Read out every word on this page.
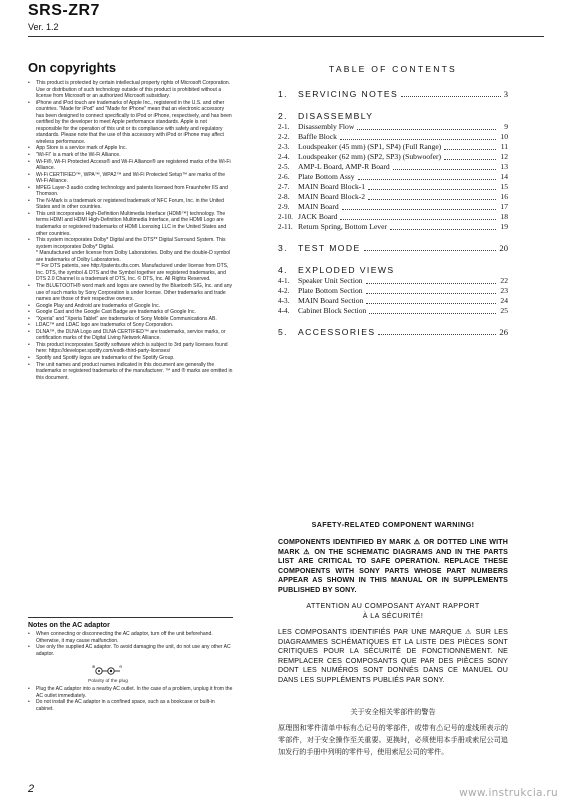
SRS-ZR7
Ver. 1.2
On copyrights
• This product is protected by certain intellectual property rights of Microsoft Corporation. Use or distribution of such technology outside of this product is prohibited without a license from Microsoft or an authorized Microsoft subsidiary.
• iPhone and iPod touch are trademarks of Apple Inc., registered in the U.S. and other countries. "Made for iPod" and "Made for iPhone" mean that an electronic accessory has been designed to connect specifically to iPod or iPhone, respectively, and has been certified by the developer to meet Apple performance standards. Apple is not responsible for the operation of this unit or its compliance with safety and regulatory standards. Please note that the use of this accessory with iPod or iPhone may affect wireless performance.
• App Store is a service mark of Apple Inc.
• "Wi-Fi" is a mark of the Wi-Fi Alliance.
• Wi-Fi®, Wi-Fi Protected Access® and Wi-Fi Alliance® are registered marks of the Wi-Fi Alliance.
• Wi-Fi CERTIFIED™, WPA™, WPA2™ and Wi-Fi Protected Setup™ are marks of the Wi-Fi Alliance.
• MPEG Layer-3 audio coding technology and patents licensed from Fraunhofer IIS and Thomson.
• The N-Mark is a trademark or registered trademark of NFC Forum, Inc. in the United States and in other countries.
• This unit incorporates High-Definition Multimedia Interface (HDMI™) technology. The terms HDMI and HDMI High-Definition Multimedia Interface, and the HDMI Logo are trademarks or registered trademarks of HDMI Licensing LLC in the United States and other countries.
• This system incorporates Dolby* Digital and the DTS** Digital Surround System. This system incorporates Dolby* Digital.
* Manufactured under license from Dolby Laboratories. Dolby and the double-D symbol are trademarks of Dolby Laboratories.
** For DTS patents, see http://patents.dts.com. Manufactured under license from DTS, Inc. DTS, the symbol & DTS and the Symbol together are registered trademarks, and DTS 2.0 Channel is a trademark of DTS, Inc. © DTS, Inc. All Rights Reserved.
• The BLUETOOTH® word mark and logos are owned by the Bluetooth SIG, Inc. and any use of such marks by Sony Corporation is under license. Other trademarks and trade names are those of their respective owners.
• Google Play and Android are trademarks of Google Inc.
• Google Cast and the Google Cast Badge are trademarks of Google Inc.
• "Xperia" and "Xperia Tablet" are trademarks of Sony Mobile Communications AB.
• LDAC™ and LDAC logo are trademarks of Sony Corporation.
• DLNA™, the DLNA Logo and DLNA CERTIFIED™ are trademarks, service marks, or certification marks of the Digital Living Network Alliance.
• This product incorporates Spotify software which is subject to 3rd party licenses found here: https://developer.spotify.com/esdk-third-party-licenses/
• Spotify and Spotify logos are trademarks of the Spotify Group.
• The unit names and product names indicated in this document are generally the trademarks or registered trademarks of the manufacturer. ™ and ® marks are omitted in this document.
Notes on the AC adaptor
• When connecting or disconnecting the AC adaptor, turn off the unit beforehand. Otherwise, it may cause malfunction.
• Use only the supplied AC adaptor. To avoid damaging the unit, do not use any other AC adaptor.
⊕	⊖
Polarity of the plug
• Plug the AC adaptor into a nearby AC outlet. In the case of a problem, unplug it from the AC outlet immediately.
• Do not install the AC adaptor in a confined space, such as a bookcase or built-in cabinet.
2
TABLE OF CONTENTS
1.	SERVICING NOTES	3
2.	DISASSEMBLY
2-1.	Disassembly Flow	9
2-2.	Baffle Block	10
2-3.	Loudspeaker (45 mm) (SP1, SP4) (Full Range)	11
2-4.	Loudspeaker (62 mm) (SP2, SP3) (Subwoofer)	12
2-5.	AMP-L Board, AMP-R Board	13
2-6.	Plate Bottom Assy	14
2-7.	MAIN Board Block-1	15
2-8.	MAIN Board Block-2	16
2-9.	MAIN Board	17
2-10. JACK Board	18
2-11. Return Spring, Bottom Lever	19
3.	TEST MODE	20
4.	EXPLODED VIEWS
4-1.	Speaker Unit Section	22
4-2.	Plate Bottom Section	23
4-3.	MAIN Board Section	24
4-4.	Cabinet Block Section	25
5.	ACCESSORIES	26
SAFETY-RELATED COMPONENT WARNING!
COMPONENTS IDENTIFIED BY MARK ⚠ OR DOTTED LINE WITH MARK ⚠ ON THE SCHEMATIC DIAGRAMS AND IN THE PARTS LIST ARE CRITICAL TO SAFE OPERATION. REPLACE THESE COMPONENTS WITH SONY PARTS WHOSE PART NUMBERS APPEAR AS SHOWN IN THIS MANUAL OR IN SUPPLEMENTS PUBLISHED BY SONY.
ATTENTION AU COMPOSANT AYANT RAPPORT
À LA SÉCURITÉ!
LES COMPOSANTS IDENTIFIÉS PAR UNE MARQUE ⚠ SUR LES DIAGRAMMES SCHÉMATIQUES ET LA LISTE DES PIÈCES SONT CRITIQUES POUR LA SÉCURITÉ DE FONCTIONNEMENT. NE REMPLACER CES COMPOSANTS QUE PAR DES PIÈCES SONY DONT LES NUMÉROS SONT DONNÉS DANS CE MANUEL OU DANS LES SUPPLÉMENTS PUBLIÉS PAR SONY.
关于安全相关零部件的警告
原理图和零件清单中标有⚠记号的零部件，或带有⚠记号的虚线所表示的零部件，对于安全操作至关重要。更换时，必须使用本手册或索尼公司追加发行的手册中列明的零件号，使用索尼公司的零件。
www.instrukcia.ru
